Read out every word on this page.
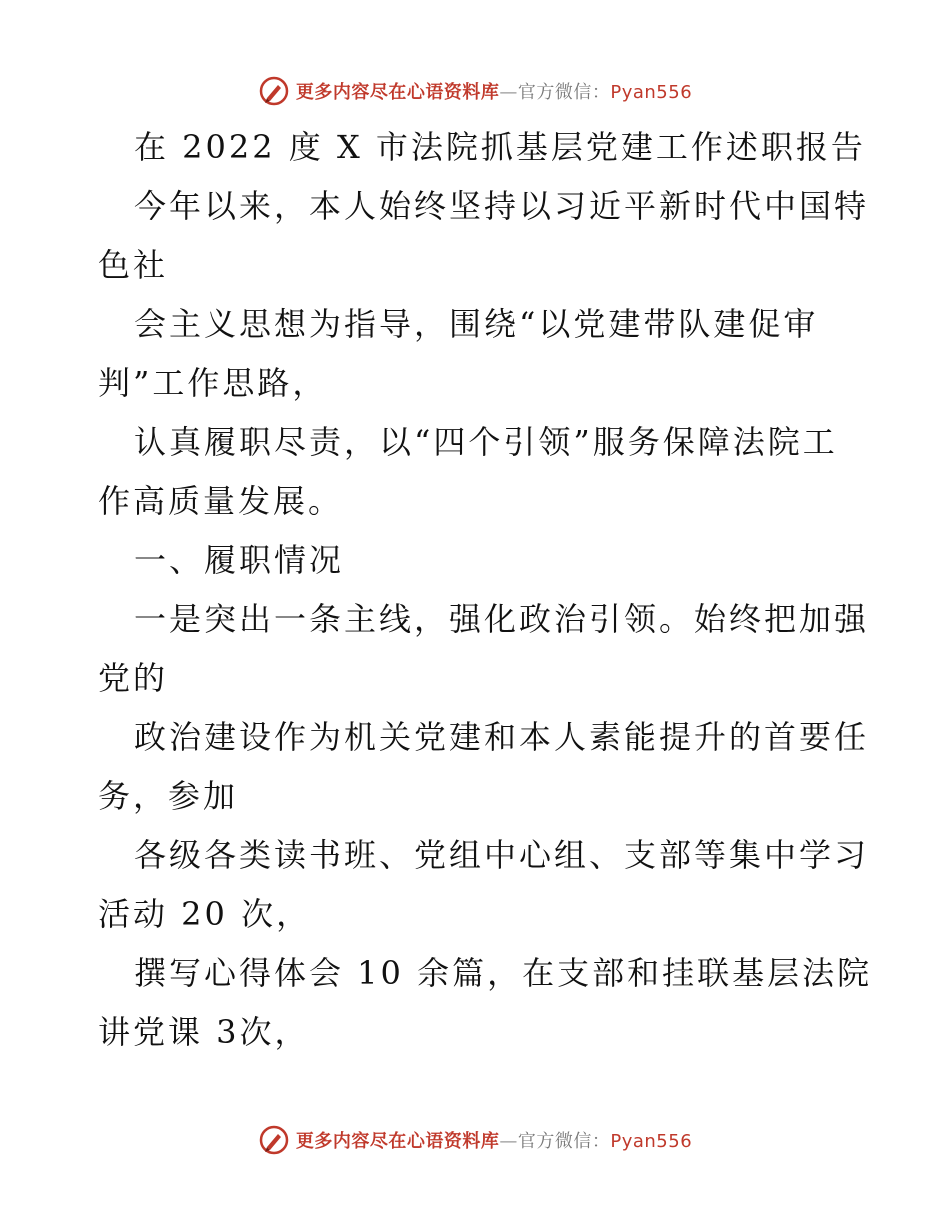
更多内容尽在心语资料库—官方微信：Pyan556
在 2022 度 X 市法院抓基层党建工作述职报告
今年以来，本人始终坚持以习近平新时代中国特
色社
会主义思想为指导，围绕“以党建带队建促审
判”工作思路，
认真履职尽责，以“四个引领”服务保障法院工
作高质量发展。
一、履职情况
一是突出一条主线，强化政治引领。始终把加强
党的
政治建设作为机关党建和本人素能提升的首要任
务，参加
各级各类读书班、党组中心组、支部等集中学习
活动 20 次，
撰写心得体会 10 余篇，在支部和挂联基层法院
讲党课 3次，
更多内容尽在心语资料库—官方微信：Pyan556
